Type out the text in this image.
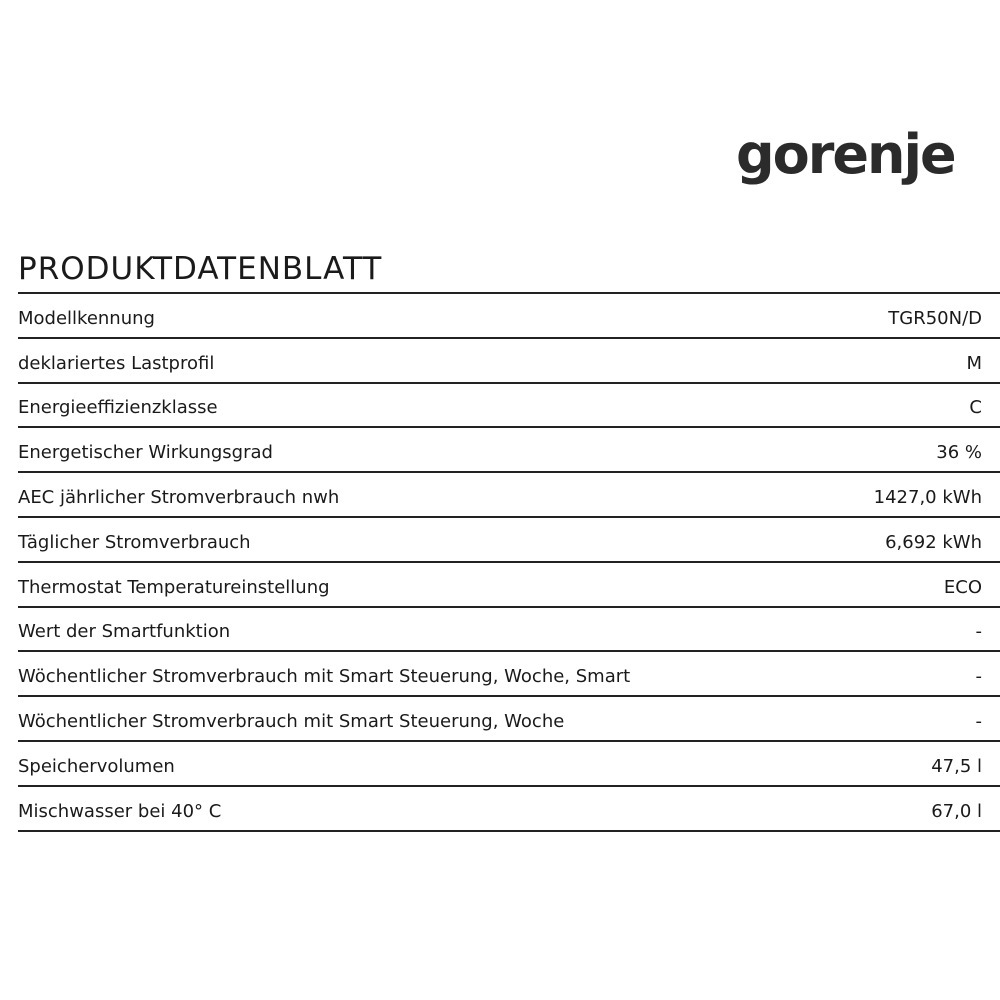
gorenje
PRODUKTDATENBLATT
Modellkennung	TGR50N/D
deklariertes Lastprofil	M
Energieeffizienzklasse	C
Energetischer Wirkungsgrad	36 %
AEC jährlicher Stromverbrauch nwh	1427,0 kWh
Täglicher Stromverbrauch	6,692 kWh
Thermostat Temperatureinstellung	ECO
Wert der Smartfunktion	-
Wöchentlicher Stromverbrauch mit Smart Steuerung, Woche, Smart	-
Wöchentlicher Stromverbrauch mit Smart Steuerung, Woche	-
Speichervolumen	47,5 l
Mischwasser bei 40° C	67,0 l
